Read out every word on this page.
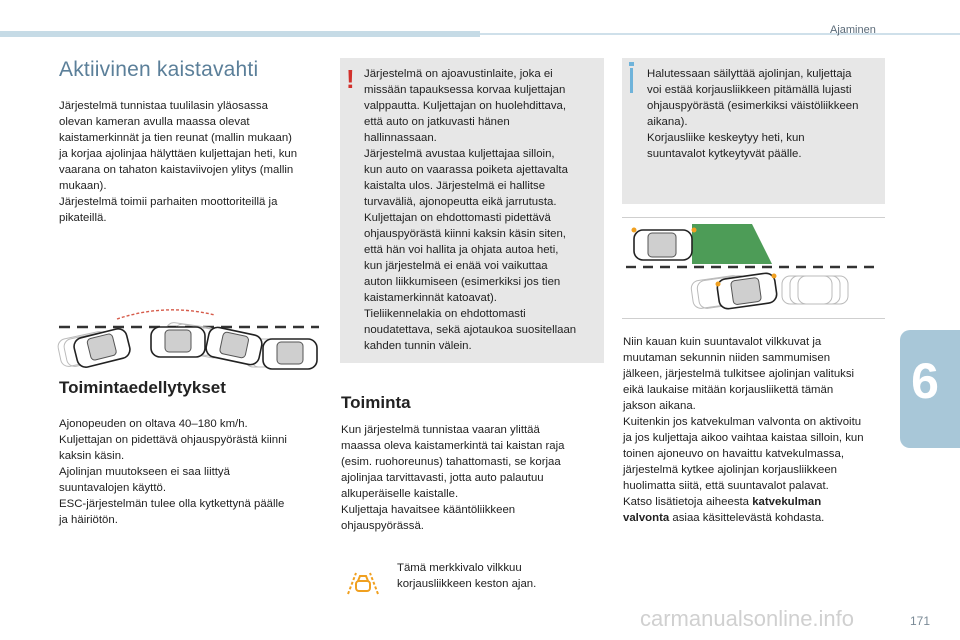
Ajaminen
Aktiivinen kaistavahti
Järjestelmä tunnistaa tuulilasin yläosassa
olevan kameran avulla maassa olevat
kaistamerkinnät ja tien reunat (mallin mukaan)
ja korjaa ajolinjaa hälyttäen kuljettajan heti, kun
vaarana on tahaton kaistaviivojen ylitys (mallin
mukaan).
Järjestelmä toimii parhaiten moottoriteillä ja
pikateillä.
Toimintaedellytykset
Ajonopeuden on oltava 40–180 km/h.
Kuljettajan on pidettävä ohjauspyörästä kiinni
kaksin käsin.
Ajolinjan muutokseen ei saa liittyä
suuntavalojen käyttö.
ESC-järjestelmän tulee olla kytkettynä päälle
ja häiriötön.
! Järjestelmä on ajoavustinlaite, joka ei
missään tapauksessa korvaa kuljettajan
valppautta. Kuljettajan on huolehdittava,
että auto on jatkuvasti hänen
hallinnassaan.
Järjestelmä avustaa kuljettajaa silloin,
kun auto on vaarassa poiketa ajettavalta
kaistalta ulos. Järjestelmä ei hallitse
turvaväliä, ajonopeutta eikä jarrutusta.
Kuljettajan on ehdottomasti pidettävä
ohjauspyörästä kiinni kaksin käsin siten,
että hän voi hallita ja ohjata autoa heti,
kun järjestelmä ei enää voi vaikuttaa
auton liikkumiseen (esimerkiksi jos tien
kaistamerkinnät katoavat).
Tieliikennelakia on ehdottomasti
noudatettava, sekä ajotaukoa suositellaan
kahden tunnin välein.
Toiminta
Kun järjestelmä tunnistaa vaaran ylittää
maassa oleva kaistamerkintä tai kaistan raja
(esim. ruohoreunus) tahattomasti, se korjaa
ajolinjaa tarvittavasti, jotta auto palautuu
alkuperäiselle kaistalle.
Kuljettaja havaitsee kääntöliikkeen
ohjauspyörässä.
Tämä merkkivalo vilkkuu
korjausliikkeen keston ajan.
Halutessaan säilyttää ajolinjan, kuljettaja
voi estää korjausliikkeen pitämällä lujasti
ohjauspyörästä (esimerkiksi väistöliikkeen
aikana).
Korjausliike keskeytyy heti, kun
suuntavalot kytkeytyvät päälle.
Niin kauan kuin suuntavalot vilkkuvat ja
muutaman sekunnin niiden sammumisen
jälkeen, järjestelmä tulkitsee ajolinjan valituksi
eikä laukaise mitään korjausliikettä tämän
jakson aikana.
Kuitenkin jos katvekulman valvonta on aktivoitu
ja jos kuljettaja aikoo vaihtaa kaistaa silloin, kun
toinen ajoneuvo on havaittu katvekulmassa,
järjestelmä kytkee ajolinjan korjausliikkeen
huolimatta siitä, että suuntavalot palavat.
Katso lisätietoja aiheesta katvekulman
valvonta asiaa käsittelevästä kohdasta.
6
carmanualsonline.info	171
